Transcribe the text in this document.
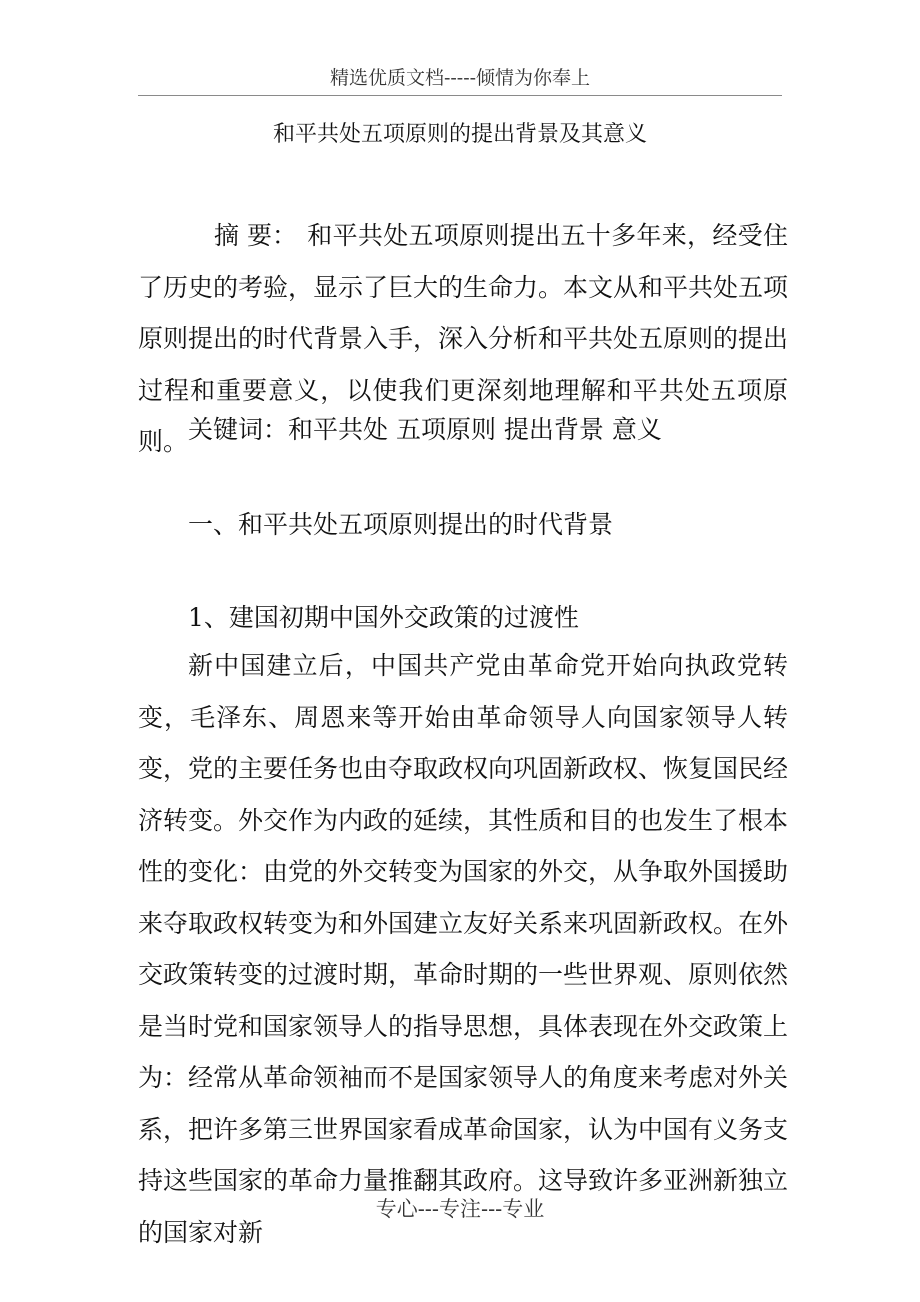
精选优质文档-----倾情为你奉上
和平共处五项原则的提出背景及其意义
摘 要： 和平共处五项原则提出五十多年来，经受住了历史的考验，显示了巨大的生命力。本文从和平共处五项原则提出的时代背景入手，深入分析和平共处五原则的提出过程和重要意义，以使我们更深刻地理解和平共处五项原则。 关键词：和平共处 五项原则 提出背景 意义
一、和平共处五项原则提出的时代背景
1、建国初期中国外交政策的过渡性
新中国建立后，中国共产党由革命党开始向执政党转变，毛泽东、周恩来等开始由革命领导人向国家领导人转变，党的主要任务也由夺取政权向巩固新政权、恢复国民经济转变。外交作为内政的延续，其性质和目的也发生了根本性的变化：由党的外交转变为国家的外交，从争取外国援助来夺取政权转变为和外国建立友好关系来巩固新政权。在外交政策转变的过渡时期，革命时期的一些世界观、原则依然是当时党和国家领导人的指导思想，具体表现在外交政策上为：经常从革命领袖而不是国家领导人的角度来考虑对外关系，把许多第三世界国家看成革命国家，认为中国有义务支持这些国家的革命力量推翻其政府。这导致许多亚洲新独立的国家对新
专心---专注---专业
